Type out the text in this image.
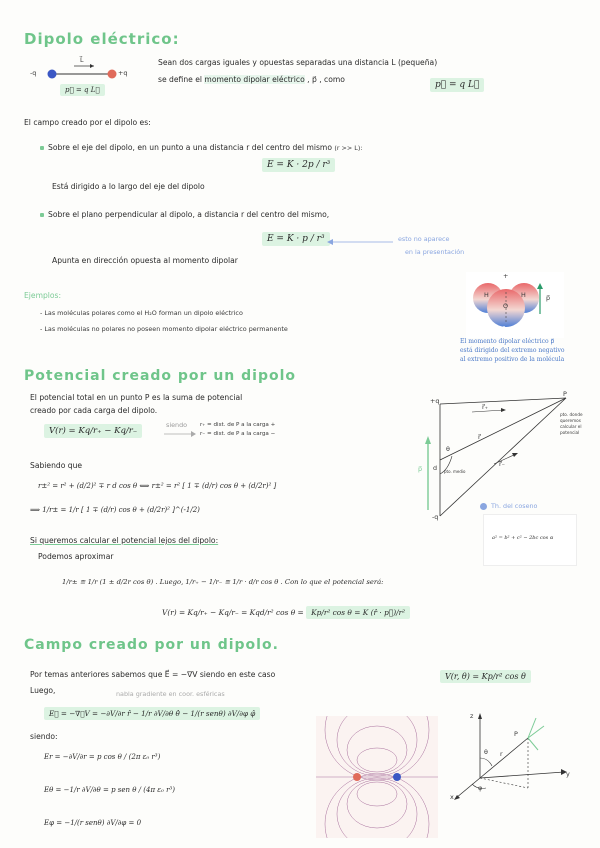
Dipolo eléctrico:
-q	+q
L⃗
p⃗ = q L⃗
Sean dos cargas iguales y opuestas separadas una distancia L (pequeña)
se define el momento dipolar eléctrico , p⃗ , como
p⃗ = q L⃗
El campo creado por el dipolo es:
Sobre el eje del dipolo, en un punto a una distancia r del centro del mismo (r >> L):
E = K · 2p / r³
Está dirigido a lo largo del eje del dipolo
Sobre el plano perpendicular al dipolo, a distancia r del centro del mismo,
E = K · p / r³
Apunta en dirección opuesta al momento dipolar
esto no aparece
en la presentación
Ejemplos:
- Las moléculas polares como el H₂O forman un dipolo eléctrico
- Las moléculas no polares no poseen momento dipolar eléctrico permanente
+
-
O
H	H	p⃗
El momento dipolar eléctrico p⃗
está dirigido del extremo negativo
al extremo positivo de la molécula
Potencial creado por un dipolo
El potencial total en un punto P es la suma de potencial
creado por cada carga del dipolo.
V(r) = Kq/r₊ − Kq/r₋
siendo r₊ = dist. de P a la carga +
r₋ = dist. de P a la carga −
Sabiendo que
r±² = r² + (d/2)² ∓ r d cos θ ⟺ r±² = r² [ 1 ∓ (d/r) cos θ + (d/2r)² ]
⟹ 1/r± = 1/r [ 1 ∓ (d/r) cos θ + (d/2r)² ]^(-1/2)
Si queremos calcular el potencial lejos del dipolo:
Podemos aproximar
1/r± ≅ 1/r (1 ± d/2r cos θ) . Luego, 1/r₊ − 1/r₋ ≅ 1/r · d/r cos θ . Con lo que el potencial será:
V(r) = Kq/r₊ − Kq/r₋ = Kqd/r² cos θ = Kp/r² cos θ = K (r̂ · p⃗)/r²
P
r⃗₊
r⃗
r⃗₋
+q
-q
d
θ
p⃗	pto. medio
pto. donde queremos calcular el potencial
Th. del coseno
a² = b² + c² − 2bc cos α
Campo creado por un dipolo.
Por temas anteriores sabemos que E⃗ = −∇V siendo en este caso	V(r, θ) = Kp/r² cos θ
Luego,	nabla gradiente en coor. esféricas
E⃗ = −∇⃗V = −∂V/∂r r̂ − 1/r ∂V/∂θ θ̂ − 1/(r senθ) ∂V/∂φ φ̂
siendo:
Er = −∂V/∂r = p cos θ / (2π ε₀ r³)
Eθ = −1/r ∂V/∂θ = p sen θ / (4π ε₀ r³)
Eφ = −1/(r senθ) ∂V/∂φ = 0
z
y
x
P
θ
φ
r
